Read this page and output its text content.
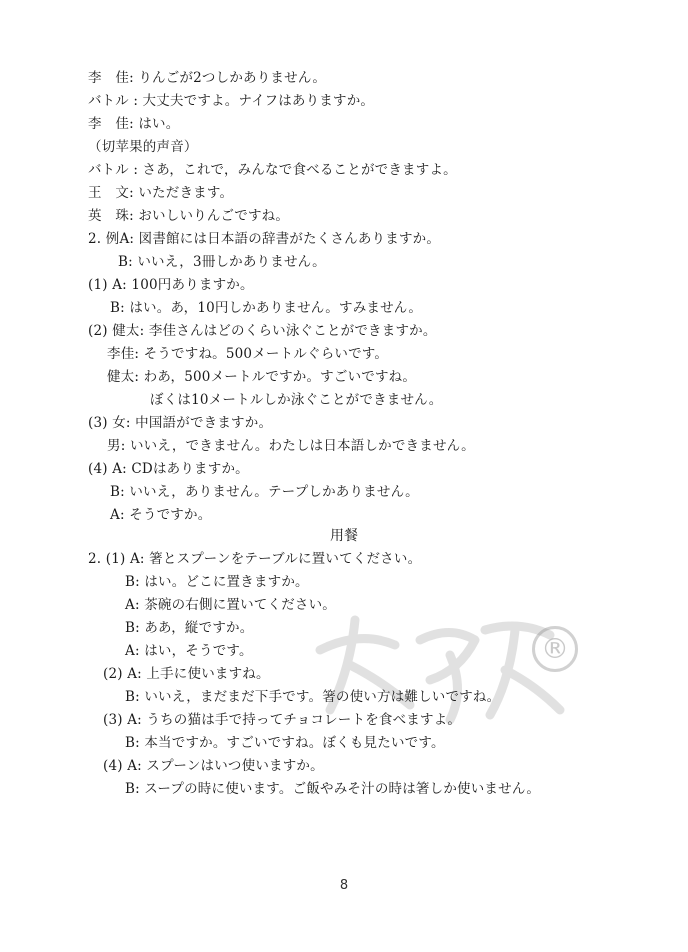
李　佳: りんごが2つしかありません。
バトル : 大丈夫ですよ。ナイフはありますか。
李　佳: はい。
（切苹果的声音）
バトル : さあ，これで，みんなで食べることができますよ。
王　文: いただきます。
英　珠: おいしいりんごですね。
2. 例A: 図書館には日本語の辞書がたくさんありますか。
B: いいえ，3冊しかありません。
(1) A: 100円ありますか。
B: はい。あ，10円しかありません。すみません。
(2) 健太: 李佳さんはどのくらい泳ぐことができますか。
李佳: そうですね。500メートルぐらいです。
健太: わあ，500メートルですか。すごいですね。
ぼくは10メートルしか泳ぐことができません。
(3) 女: 中国語ができますか。
男: いいえ，できません。わたしは日本語しかできません。
(4) A: CDはありますか。
B: いいえ，ありません。テープしかありません。
A: そうですか。
用餐
2. (1) A: 箸とスプーンをテーブルに置いてください。
B: はい。どこに置きますか。
A: 茶碗の右側に置いてください。
B: ああ，縦ですか。
A: はい，そうです。
(2) A: 上手に使いますね。
B: いいえ，まだまだ下手です。箸の使い方は難しいですね。
(3) A: うちの猫は手で持ってチョコレートを食べますよ。
B: 本当ですか。すごいですね。ぼくも見たいです。
(4) A: スプーンはいつ使いますか。
B: スープの時に使います。ご飯やみそ汁の時は箸しか使いません。
®
8
